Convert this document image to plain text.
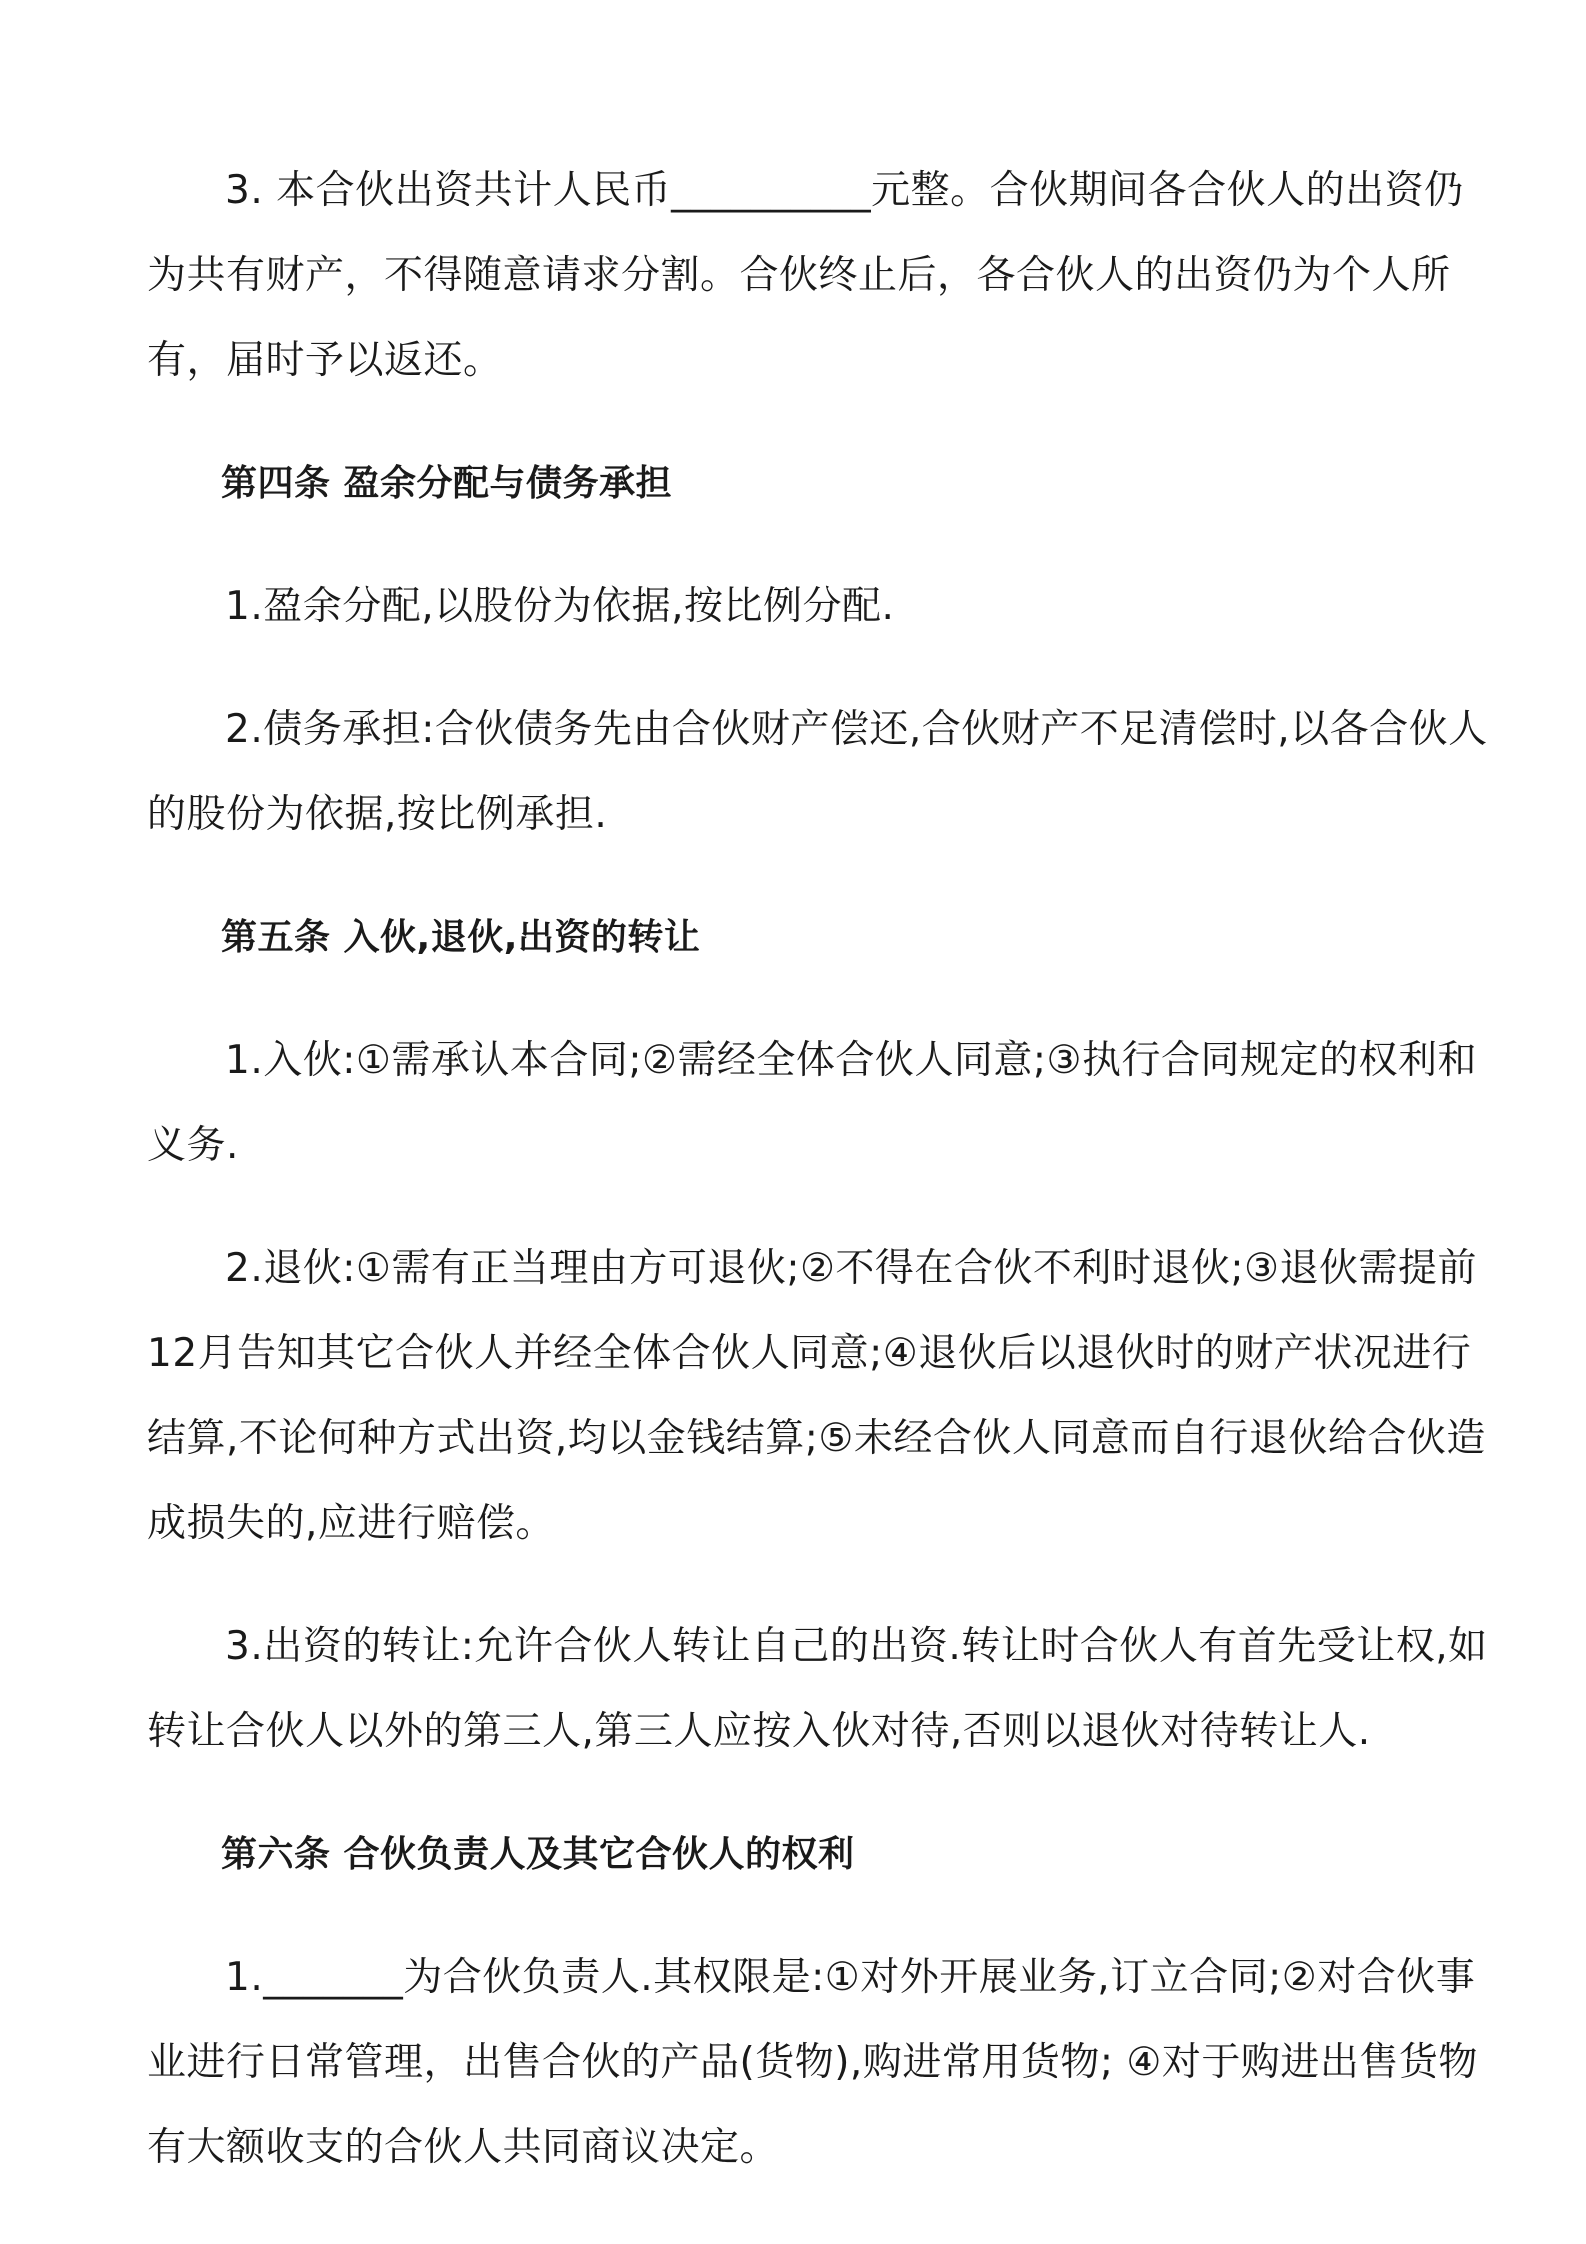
3. 本合伙出资共计人民币__________元整。合伙期间各合伙人的出资仍为共有财产，不得随意请求分割。合伙终止后，各合伙人的出资仍为个人所有，届时予以返还。

第四条 盈余分配与债务承担

1.盈余分配,以股份为依据,按比例分配.

2.债务承担:合伙债务先由合伙财产偿还,合伙财产不足清偿时,以各合伙人的股份为依据,按比例承担.

第五条 入伙,退伙,出资的转让

1.入伙:①需承认本合同;②需经全体合伙人同意;③执行合同规定的权利和义务.

2.退伙:①需有正当理由方可退伙;②不得在合伙不利时退伙;③退伙需提前12月告知其它合伙人并经全体合伙人同意;④退伙后以退伙时的财产状况进行结算,不论何种方式出资,均以金钱结算;⑤未经合伙人同意而自行退伙给合伙造成损失的,应进行赔偿。

3.出资的转让:允许合伙人转让自己的出资.转让时合伙人有首先受让权,如转让合伙人以外的第三人,第三人应按入伙对待,否则以退伙对待转让人.

第六条 合伙负责人及其它合伙人的权利

1._______为合伙负责人.其权限是:①对外开展业务,订立合同;②对合伙事业进行日常管理，出售合伙的产品(货物),购进常用货物; ④对于购进出售货物有大额收支的合伙人共同商议决定。
